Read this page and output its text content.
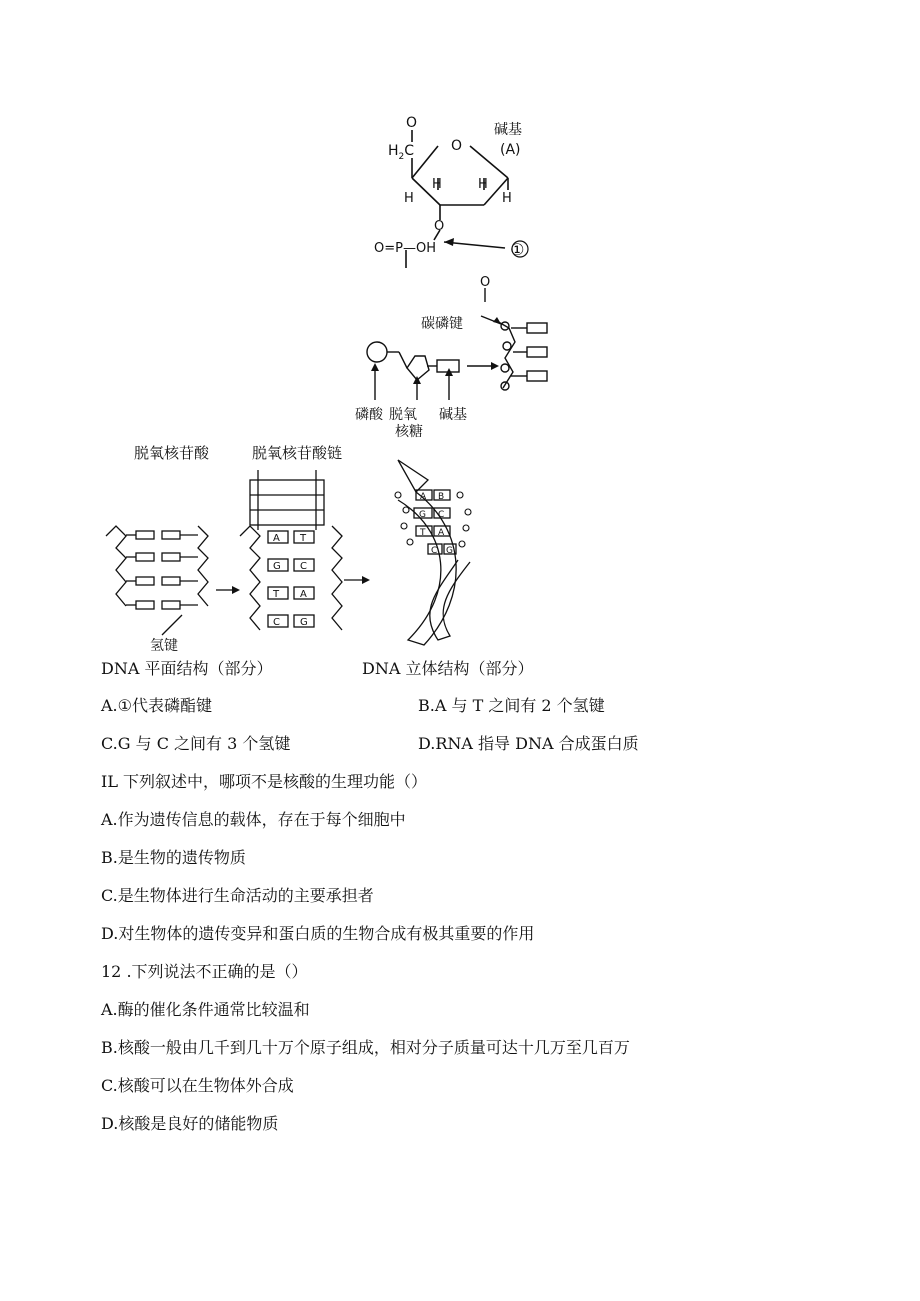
O
$H_2C$	O
碱基
(A)
H	H
H	H
O
O=P—OH	①
O
碳磷键
磷酸 脱氧
核糖
碱基
脱氧核苷酸	脱氧核苷酸链
氢键
A T
G C
T A
C G
A B
G C
T A
C G
DNA 平面结构（部分）	DNA 立体结构（部分）
A.①代表磷酯键	B.A 与 T 之间有 2 个氢键
C.G 与 C 之间有 3 个氢键	D.RNA 指导 DNA 合成蛋白质
IL 下列叙述中，哪项不是核酸的生理功能（）
A.作为遗传信息的载体，存在于每个细胞中
B.是生物的遗传物质
C.是生物体进行生命活动的主要承担者
D.对生物体的遗传变异和蛋白质的生物合成有极其重要的作用
12 .下列说法不正确的是（）
A.酶的催化条件通常比较温和
B.核酸一般由几千到几十万个原子组成，相对分子质量可达十几万至几百万
C.核酸可以在生物体外合成
D.核酸是良好的储能物质
